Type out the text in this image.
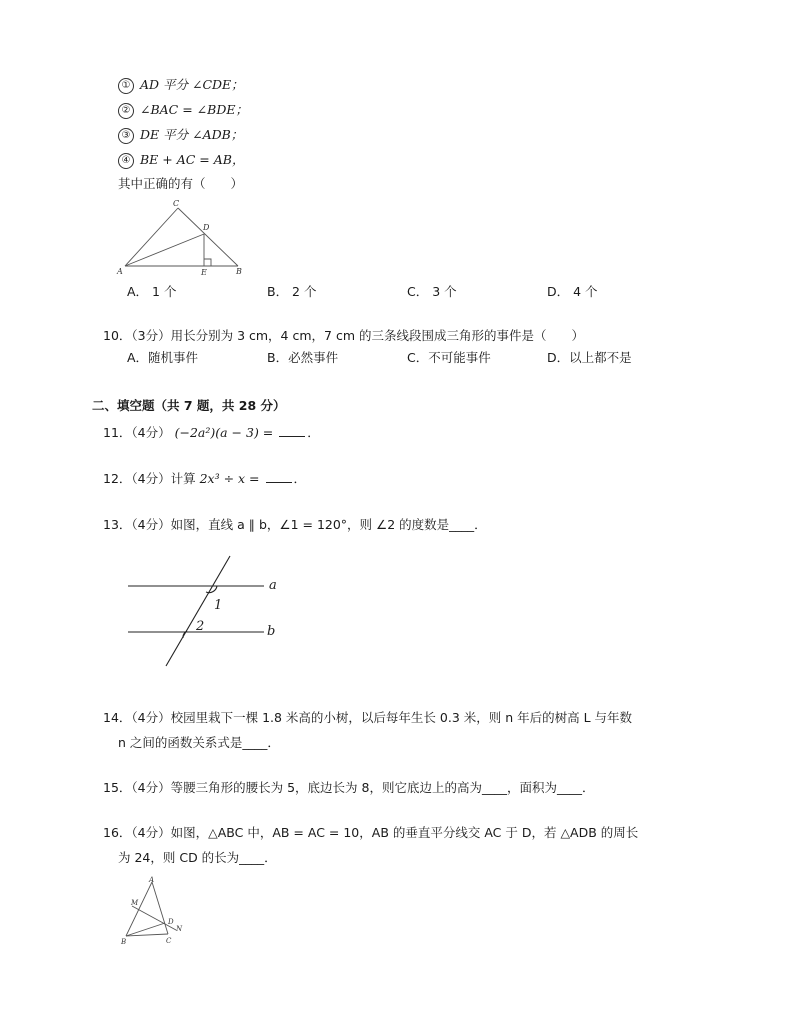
① AD 平分 ∠CDE；
② ∠BAC = ∠BDE；
③ DE 平分 ∠ADB；
④ BE + AC = AB，
其中正确的有（　　）
C
D
A	E	B
A． 1 个	B． 2 个	C． 3 个	D． 4 个
10．（3分）用长分别为 3 cm，4 cm，7 cm 的三条线段围成三角形的事件是（　　）
A．随机事件	B．必然事件	C．不可能事件	D．以上都不是
二、填空题（共 7 题，共 28 分）
11．（4分） (−2a²)(a − 3) =	．
12．（4分）计算 2x³ ÷ x =	．
13．（4分）如图，直线 a ∥ b，∠1 = 120°，则 ∠2 的度数是____．
a
b
1
2
14．（4分）校园里栽下一棵 1.8 米高的小树，以后每年生长 0.3 米，则 n 年后的树高 L 与年数
n 之间的函数关系式是____．
15．（4分）等腰三角形的腰长为 5，底边长为 8，则它底边上的高为____，面积为____．
16．（4分）如图，△ABC 中，AB = AC = 10，AB 的垂直平分线交 AC 于 D，若 △ADB 的周长
为 24，则 CD 的长为____．
A
M
D
N
B	C
